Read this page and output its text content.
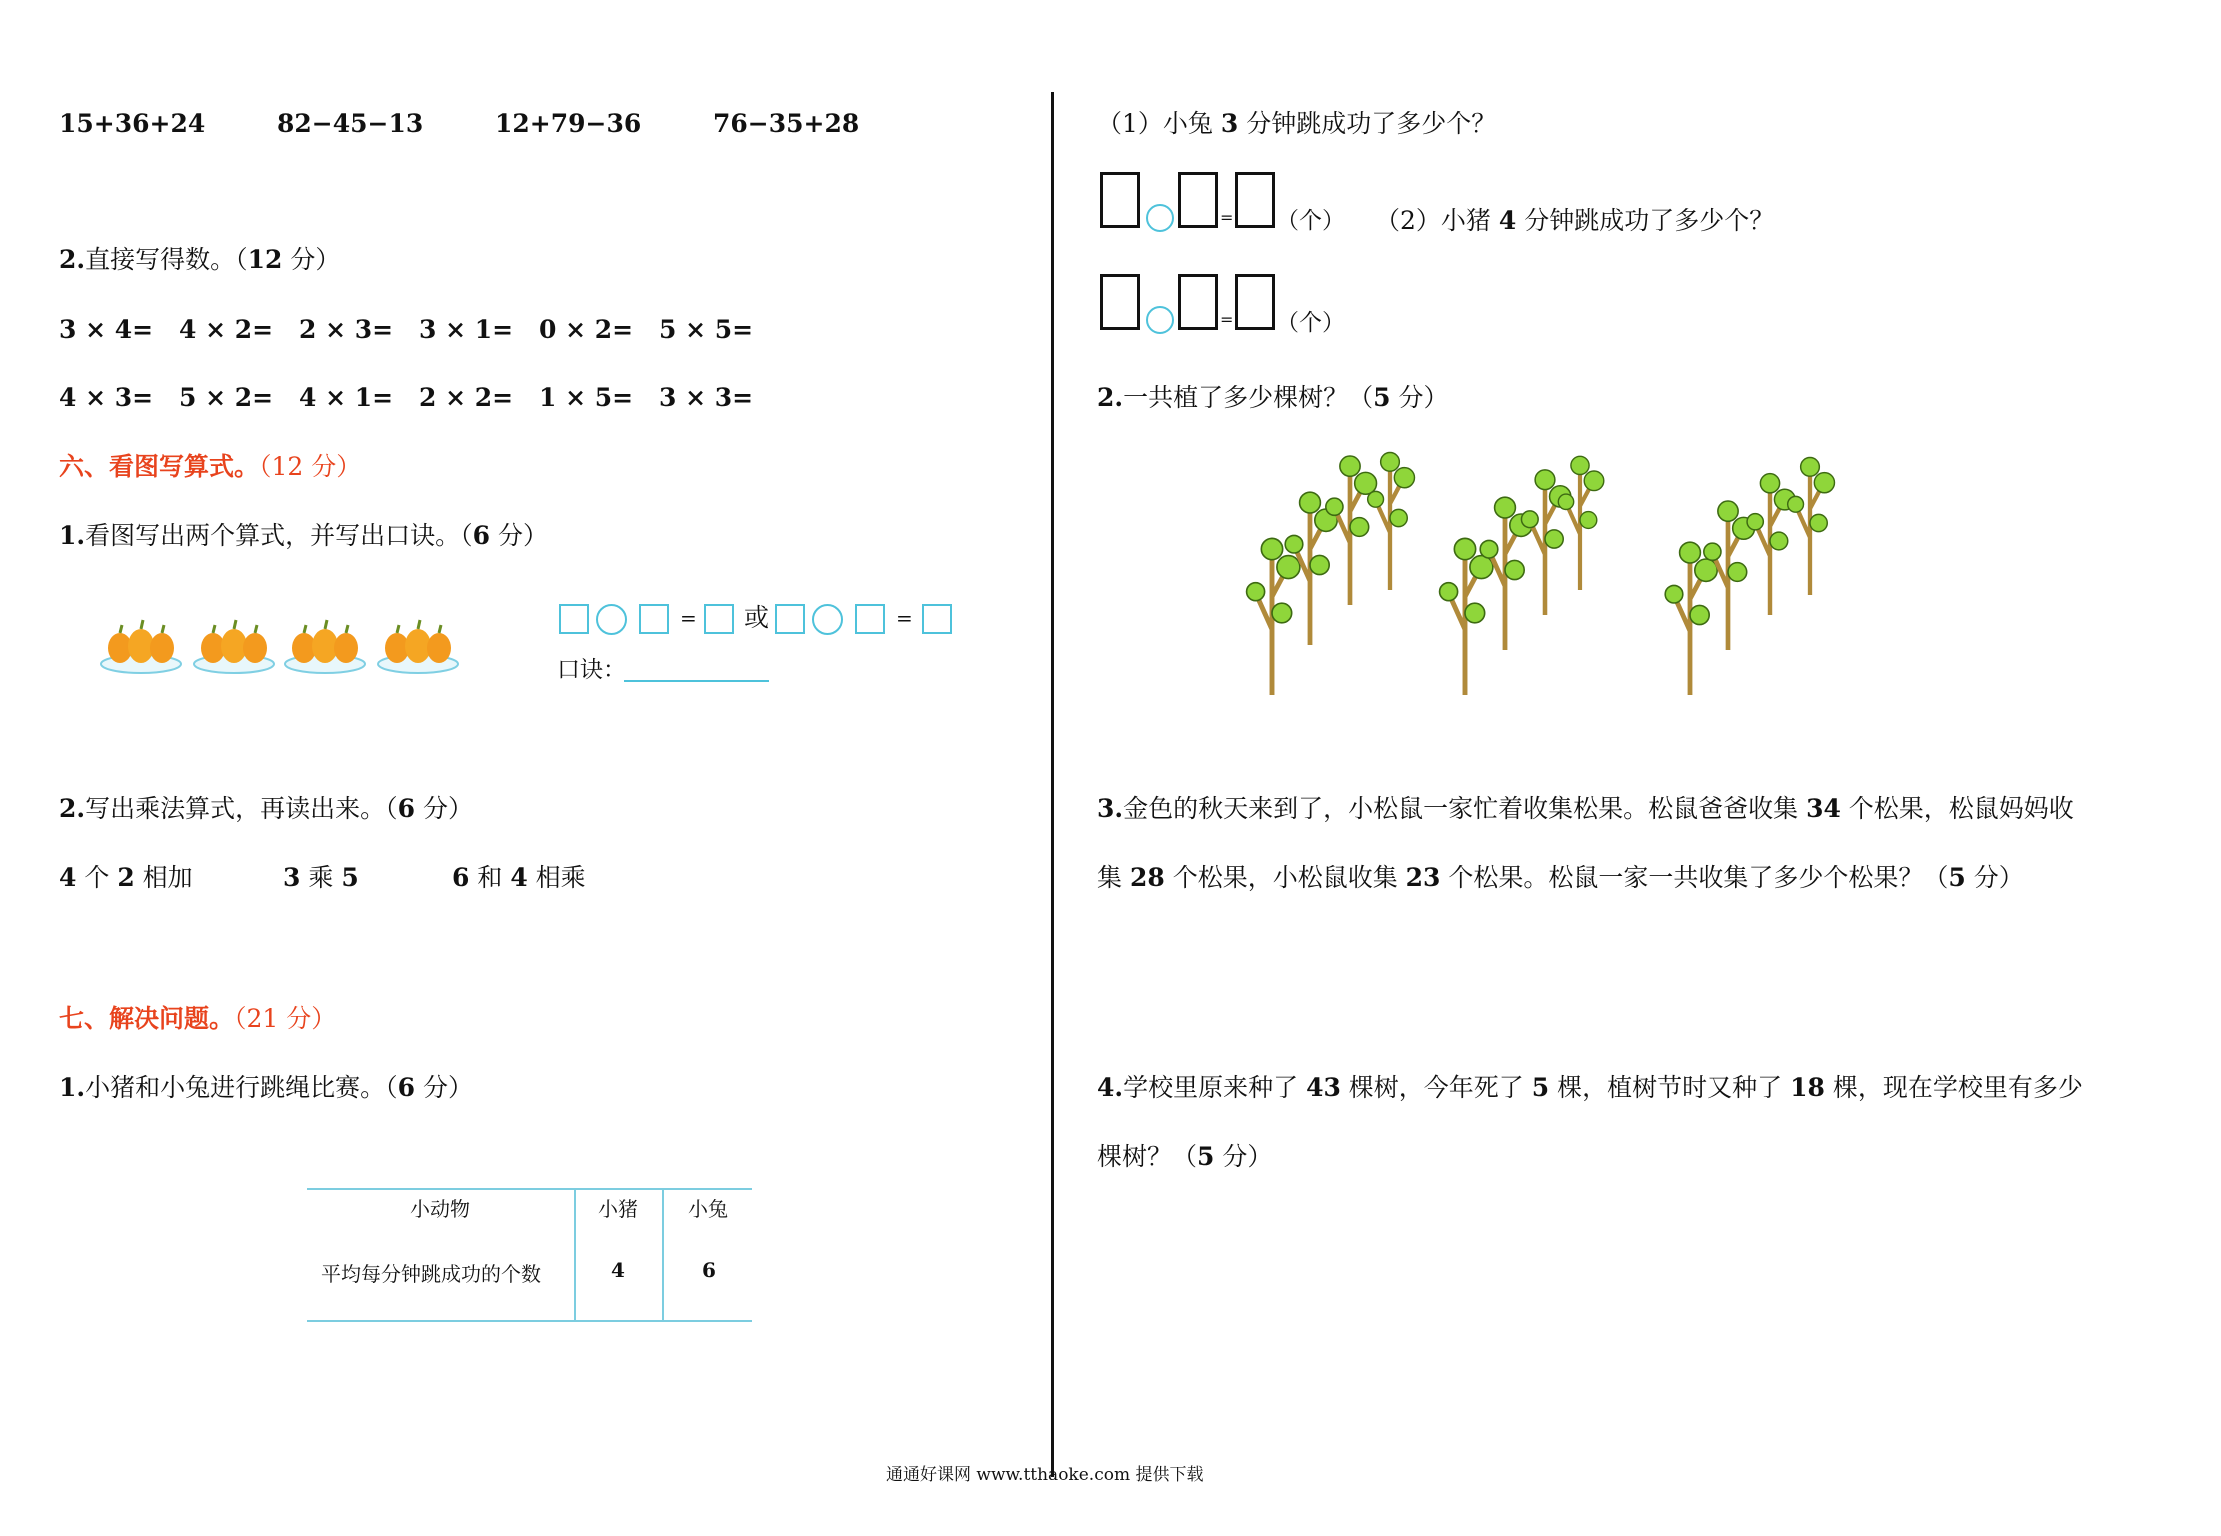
15+36+24	82−45−13	12+79−36	76−35+28
2.直接写得数。（12 分）
3 × 4= 4 × 2= 2 × 3= 3 × 1= 0 × 2= 5 × 5=
4 × 3= 5 × 2= 4 × 1= 2 × 2= 1 × 5= 3 × 3=
六、看图写算式。（12 分）
1.看图写出两个算式，并写出口诀。（6 分）
= 或	=
口诀：
2.写出乘法算式，再读出来。（6 分）
4 个 2 相加	3 乘 5	6 和 4 相乘
七、解决问题。（21 分）
1.小猪和小兔进行跳绳比赛。（6 分）
小动物	小猪	小兔
平均每分钟跳成功的个数	4	6
（1）小兔 3 分钟跳成功了多少个？
= （个） （2）小猪 4 分钟跳成功了多少个？
= （个）
2.一共植了多少棵树？（5 分）
3.金色的秋天来到了，小松鼠一家忙着收集松果。松鼠爸爸收集 34 个松果，松鼠妈妈收
集 28 个松果，小松鼠收集 23 个松果。松鼠一家一共收集了多少个松果？（5 分）
4.学校里原来种了 43 棵树，今年死了 5 棵，植树节时又种了 18 棵，现在学校里有多少
棵树？（5 分）
通通好课网 www.tthaoke.com 提供下载
